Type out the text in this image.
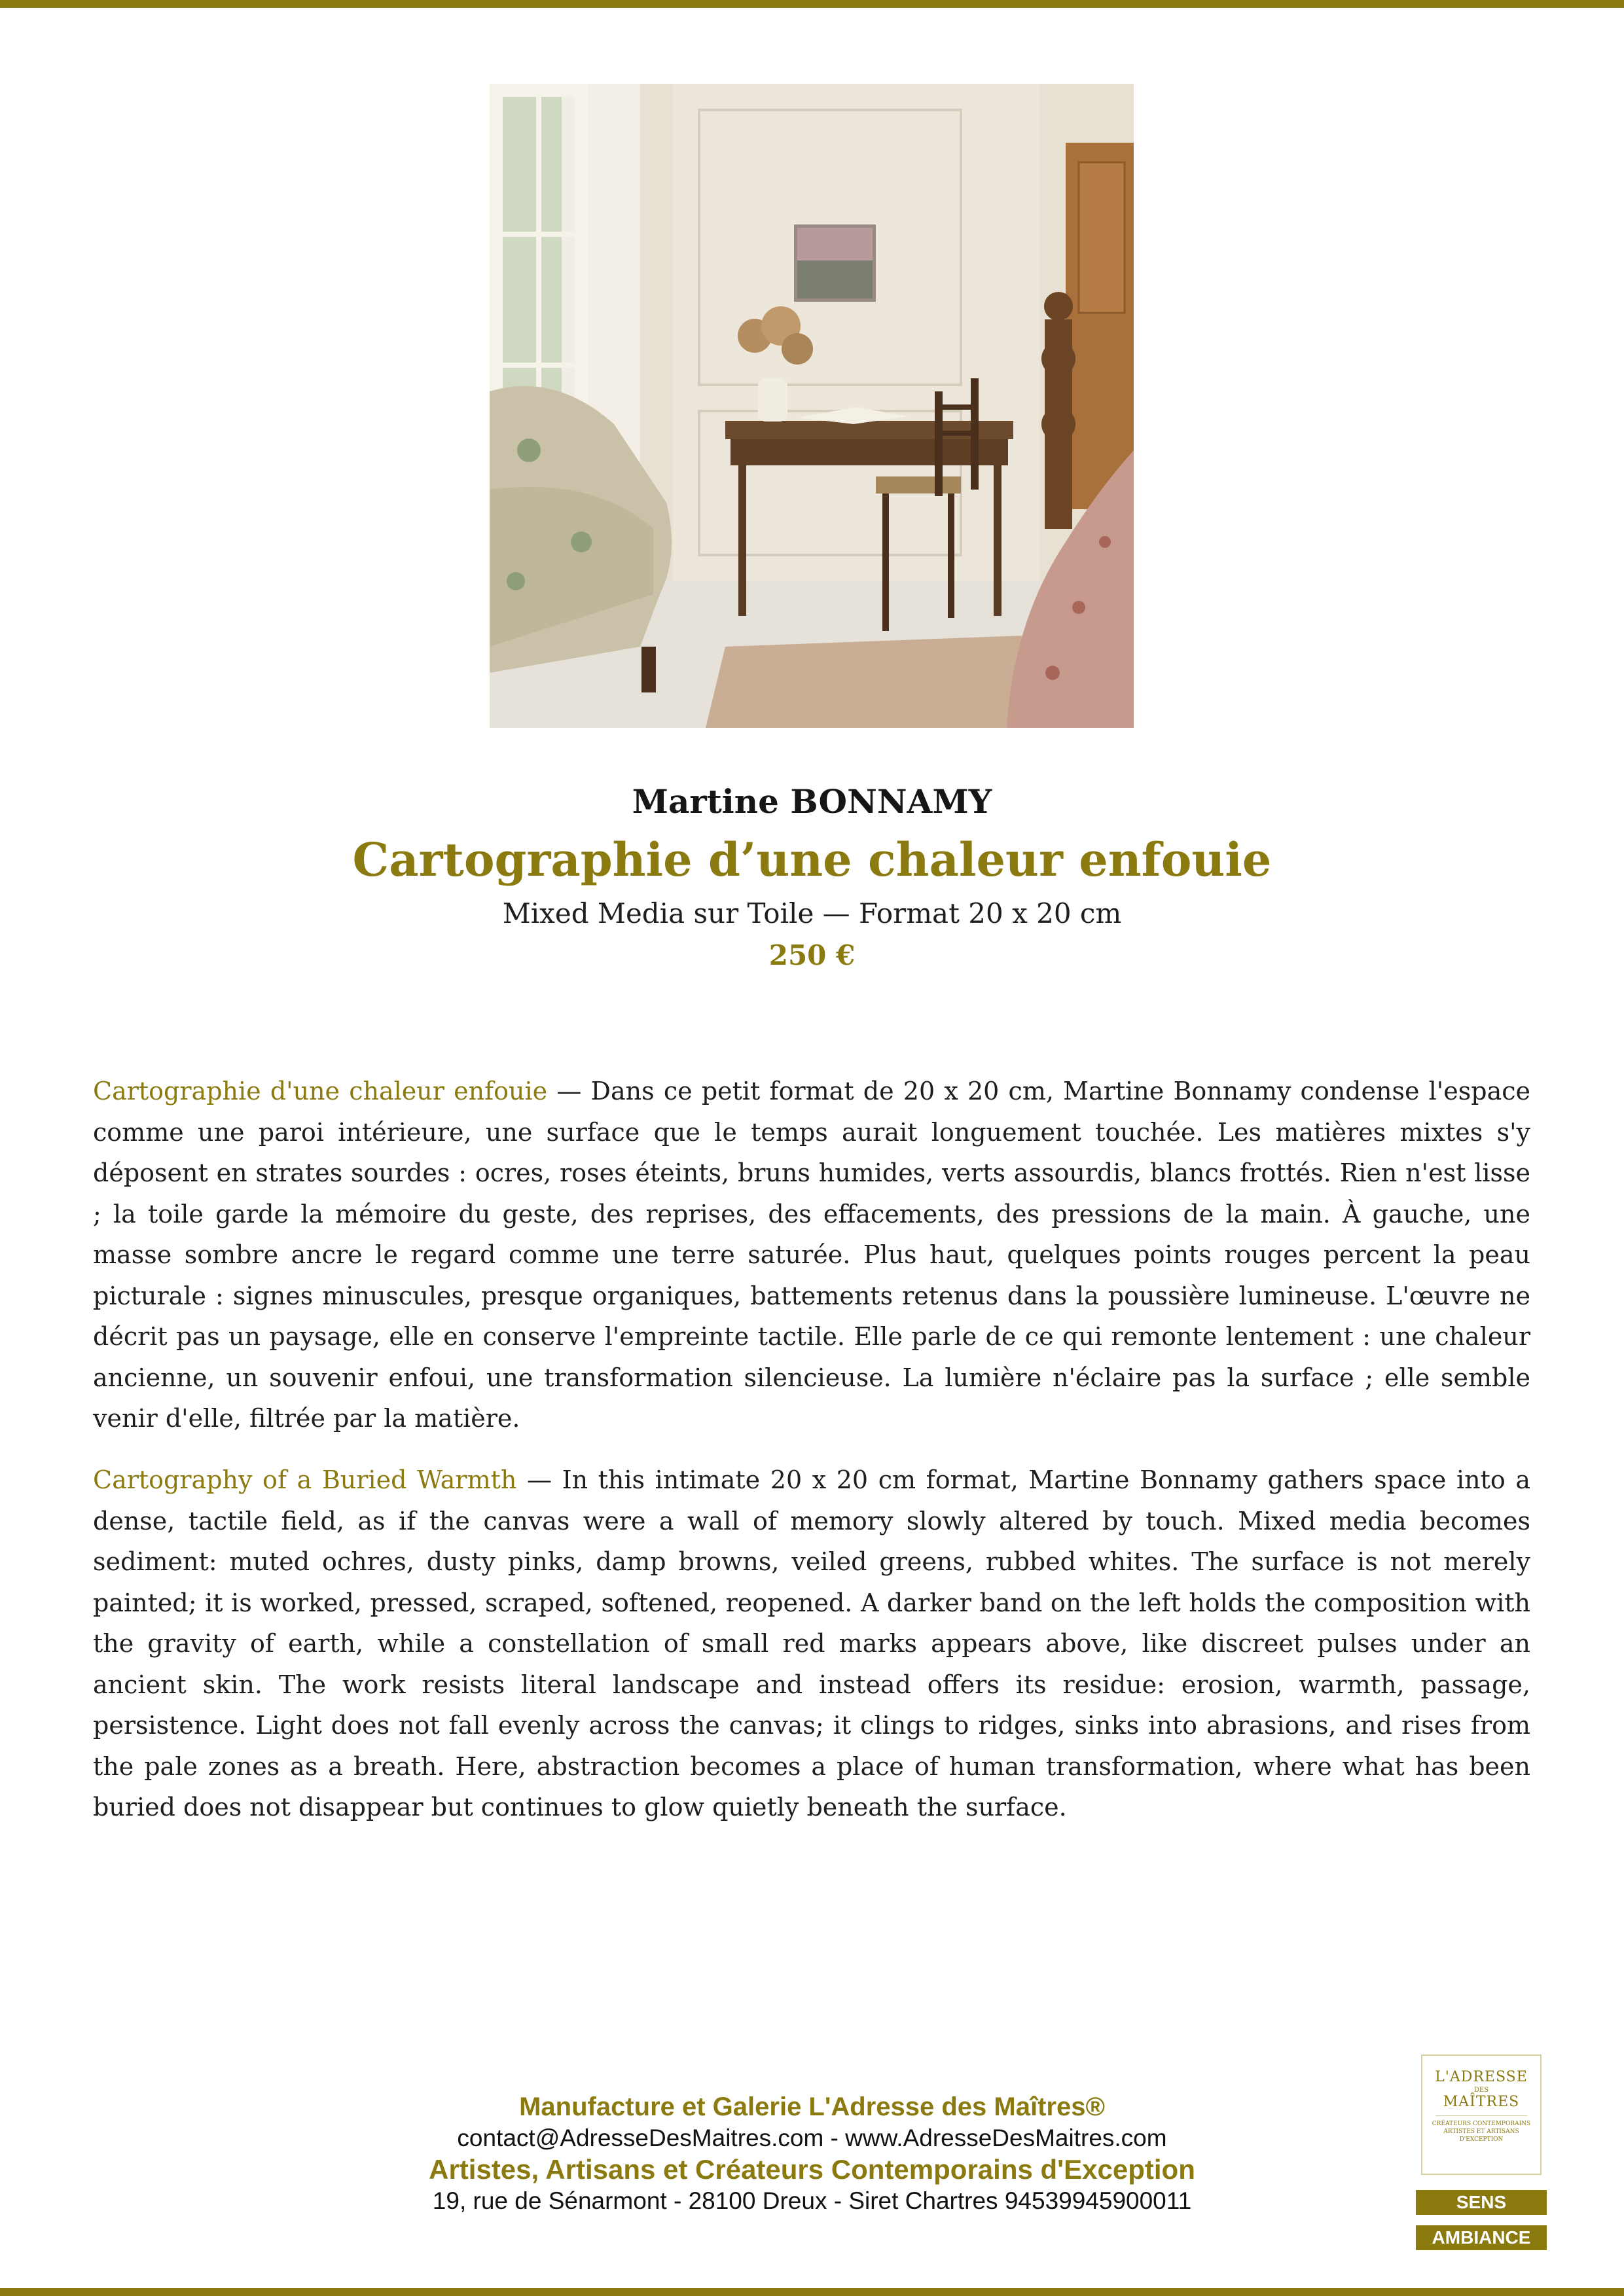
Martine BONNAMY
Cartographie d’une chaleur enfouie
Mixed Media sur Toile — Format 20 x 20 cm
250 €
Cartographie d'une chaleur enfouie — Dans ce petit format de 20 x 20 cm, Martine Bonnamy condense l'espace comme une paroi intérieure, une surface que le temps aurait longuement touchée. Les matières mixtes s'y déposent en strates sourdes : ocres, roses éteints, bruns humides, verts assourdis, blancs frottés. Rien n'est lisse ; la toile garde la mémoire du geste, des reprises, des effacements, des pressions de la main. À gauche, une masse sombre ancre le regard comme une terre saturée. Plus haut, quelques points rouges percent la peau picturale : signes minuscules, presque organiques, battements retenus dans la poussière lumineuse. L'œuvre ne décrit pas un paysage, elle en conserve l'empreinte tactile. Elle parle de ce qui remonte lentement : une chaleur ancienne, un souvenir enfoui, une transformation silencieuse. La lumière n'éclaire pas la surface ; elle semble venir d'elle, filtrée par la matière.
Cartography of a Buried Warmth — In this intimate 20 x 20 cm format, Martine Bonnamy gathers space into a dense, tactile field, as if the canvas were a wall of memory slowly altered by touch. Mixed media becomes sediment: muted ochres, dusty pinks, damp browns, veiled greens, rubbed whites. The surface is not merely painted; it is worked, pressed, scraped, softened, reopened. A darker band on the left holds the composition with the gravity of earth, while a constellation of small red marks appears above, like discreet pulses under an ancient skin. The work resists literal landscape and instead offers its residue: erosion, warmth, passage, persistence. Light does not fall evenly across the canvas; it clings to ridges, sinks into abrasions, and rises from the pale zones as a breath. Here, abstraction becomes a place of human transformation, where what has been buried does not disappear but continues to glow quietly beneath the surface.
Manufacture et Galerie L'Adresse des Maîtres®
contact@AdresseDesMaitres.com - www.AdresseDesMaitres.com
Artistes, Artisans et Créateurs Contemporains d'Exception
19, rue de Sénarmont - 28100 Dreux - Siret Chartres 94539945900011
L'ADRESSE
DES
MAÎTRES
CRÉATEURS CONTEMPORAINS ARTISTES ET ARTISANS D'EXCEPTION
SENS
AMBIANCE
